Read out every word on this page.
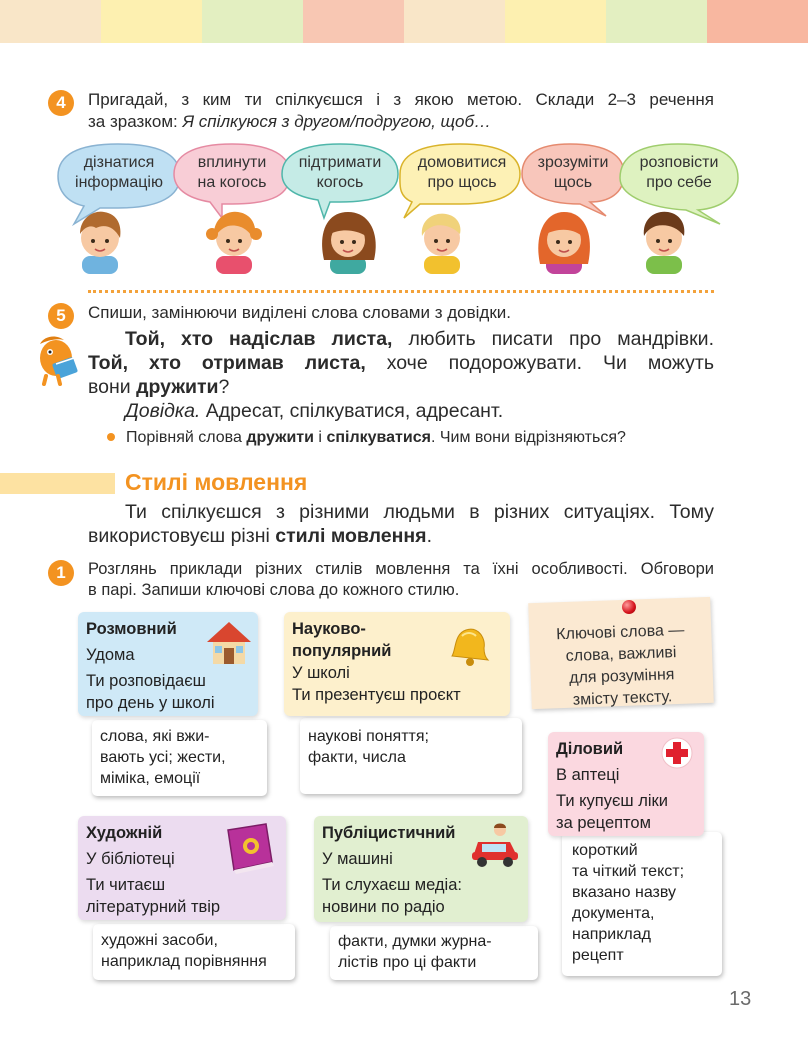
4	Пригадай, з ким ти спілкуєшся і з якою метою. Склади 2–3 речення
за зразком: Я спілкуюся з другом/подругою, щоб…
дізнатися
інформацію
вплинути
на когось
підтримати
когось
домовитися
про щось
зрозуміти
щось
розповісти
про себе
5	Спиши, замінюючи виділені слова словами з довідки.
Той, хто надіслав листа, любить писати про мандрівки.
Той, хто отримав листа, хоче подорожувати. Чи можуть
вони дружити?
Довідка. Адресат, спілкуватися, адресант.
Порівняй слова дружити і спілкуватися. Чим вони відрізняються?
Стилі мовлення
Ти спілкуєшся з різними людьми в різних ситуаціях. Тому
використовуєш різні стилі мовлення.
1	Розглянь приклади різних стилів мовлення та їхні особливості. Обговори
в парі. Запиши ключові слова до кожного стилю.
Ключові слова —
слова, важливі
для розуміння
змісту тексту.
слова, які вжи-
вають усі; жести,
міміка, емоції
Розмовний
Удома
Ти розповідаєш
про день у школі
наукові поняття;
факти, числа
Науково-
популярний
У школі
Ти презентуєш проєкт
короткий
та чіткий текст;
вказано назву
документа,
наприклад
рецепт
Діловий
В аптеці
Ти купуєш ліки
за рецептом
художні засоби,
наприклад порівняння
Художній
У бібліотеці
Ти читаєш
літературний твір
факти, думки журна-
лістів про ці факти
Публіцистичний
У машині
Ти слухаєш медіа:
новини по радіо
13
